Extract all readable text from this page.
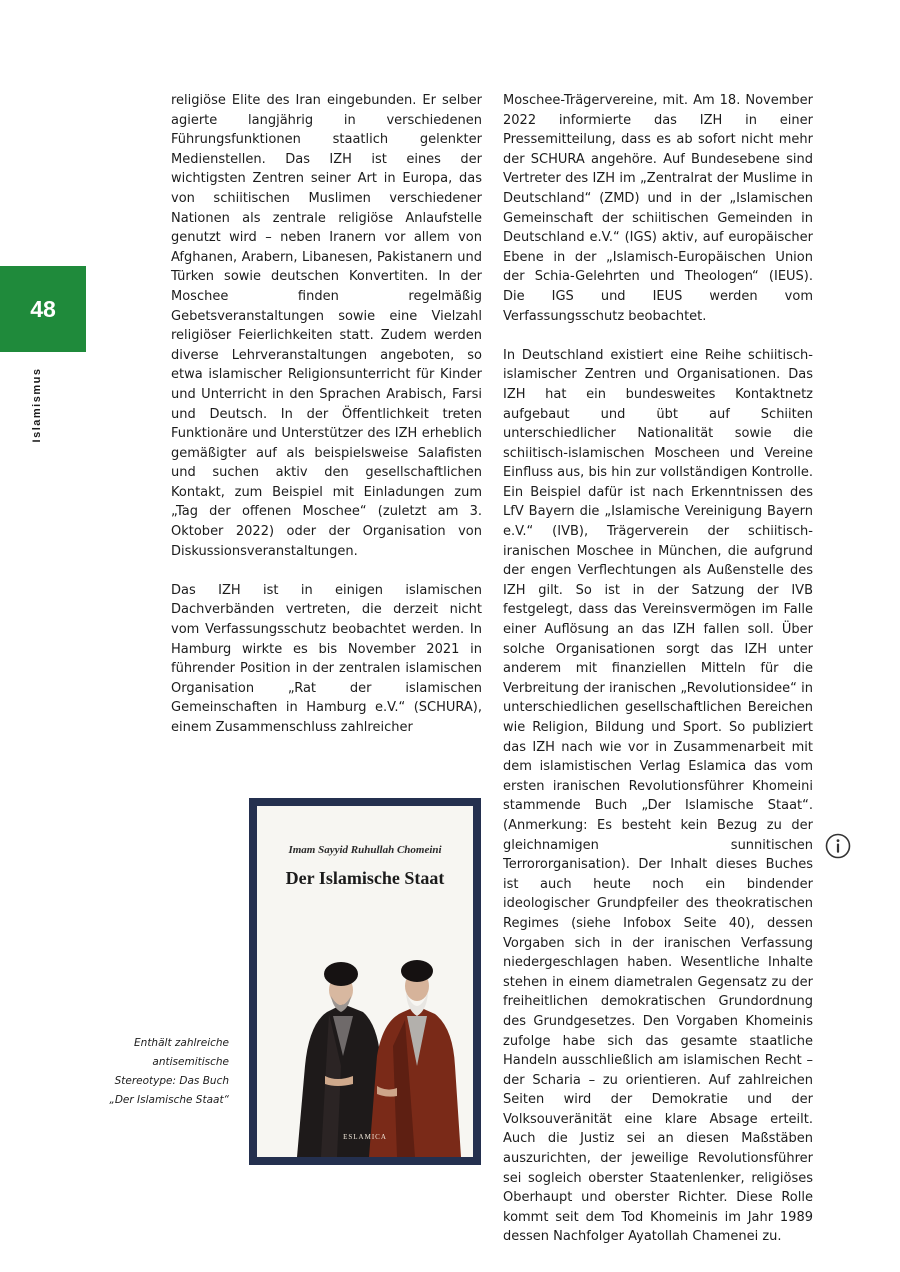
48
Islamismus

religiöse Elite des Iran eingebunden. Er selber agierte langjährig in verschiedenen Führungsfunktionen staatlich gelenkter Medienstellen. Das IZH ist eines der wichtigsten Zentren seiner Art in Europa, das von schiitischen Muslimen verschiedener Nationen als zentrale religiöse Anlaufstelle genutzt wird – neben Iranern vor allem von Afghanen, Arabern, Libanesen, Pakistanern und Türken sowie deutschen Konvertiten. In der Moschee finden regelmäßig Gebetsveranstaltungen sowie eine Vielzahl religiöser Feierlichkeiten statt. Zudem werden diverse Lehrveranstaltungen angeboten, so etwa islamischer Religionsunterricht für Kinder und Unterricht in den Sprachen Arabisch, Farsi und Deutsch. In der Öffentlichkeit treten Funktionäre und Unterstützer des IZH erheblich gemäßigter auf als beispielsweise Salafisten und suchen aktiv den gesellschaftlichen Kontakt, zum Beispiel mit Einladungen zum „Tag der offenen Moschee“ (zuletzt am 3. Oktober 2022) oder der Organisation von Diskussionsveranstaltungen.

Das IZH ist in einigen islamischen Dachverbänden vertreten, die derzeit nicht vom Verfassungsschutz beobachtet werden. In Hamburg wirkte es bis November 2021 in führender Position in der zentralen islamischen Organisation „Rat der islamischen Gemeinschaften in Hamburg e.V.“ (SCHURA), einem Zusammenschluss zahlreicher

Moschee-Trägervereine, mit. Am 18. November 2022 informierte das IZH in einer Pressemitteilung, dass es ab sofort nicht mehr der SCHURA angehöre. Auf Bundesebene sind Vertreter des IZH im „Zentralrat der Muslime in Deutschland“ (ZMD) und in der „Islamischen Gemeinschaft der schiitischen Gemeinden in Deutschland e.V.“ (IGS) aktiv, auf europäischer Ebene in der „Islamisch-Europäischen Union der Schia-Gelehrten und Theologen“ (IEUS). Die IGS und IEUS werden vom Verfassungsschutz beobachtet.

In Deutschland existiert eine Reihe schiitisch-islamischer Zentren und Organisationen. Das IZH hat ein bundesweites Kontaktnetz aufgebaut und übt auf Schiiten unterschiedlicher Nationalität sowie die schiitisch-islamischen Moscheen und Vereine Einfluss aus, bis hin zur vollständigen Kontrolle. Ein Beispiel dafür ist nach Erkenntnissen des LfV Bayern die „Islamische Vereinigung Bayern e.V.“ (IVB), Trägerverein der schiitisch-iranischen Moschee in München, die aufgrund der engen Verflechtungen als Außenstelle des IZH gilt. So ist in der Satzung der IVB festgelegt, dass das Vereinsvermögen im Falle einer Auflösung an das IZH fallen soll. Über solche Organisationen sorgt das IZH unter anderem mit finanziellen Mitteln für die Verbreitung der iranischen „Revolutionsidee“ in unterschiedlichen gesellschaftlichen Bereichen wie Religion, Bildung und Sport. So publiziert das IZH nach wie vor in Zusammenarbeit mit dem islamistischen Verlag Eslamica das vom ersten iranischen Revolutionsführer Khomeini stammende Buch „Der Islamische Staat“. (Anmerkung: Es besteht kein Bezug zu der gleichnamigen sunnitischen Terrororganisation). Der Inhalt dieses Buches ist auch heute noch ein bindender ideologischer Grundpfeiler des theokratischen Regimes (siehe Infobox Seite 40), dessen Vorgaben sich in der iranischen Verfassung niedergeschlagen haben. Wesentliche Inhalte stehen in einem diametralen Gegensatz zu der freiheitlichen demokratischen Grundordnung des Grundgesetzes. Den Vorgaben Khomeinis zufolge habe sich das gesamte staatliche Handeln ausschließlich am islamischen Recht – der Scharia – zu orientieren. Auf zahlreichen Seiten wird der Demokratie und der Volksouveränität eine klare Absage erteilt. Auch die Justiz sei an diesen Maßstäben auszurichten, der jeweilige Revolutionsführer sei sogleich oberster Staatenlenker, religiöses Oberhaupt und oberster Richter. Diese Rolle kommt seit dem Tod Khomeinis im Jahr 1989 dessen Nachfolger Ayatollah Chamenei zu.

Imam Sayyid Ruhullah Chomeini
Der Islamische Staat
ESLAMICA
Enthält zahlreiche antisemitische Stereotype: Das Buch „Der Islamische Staat“
